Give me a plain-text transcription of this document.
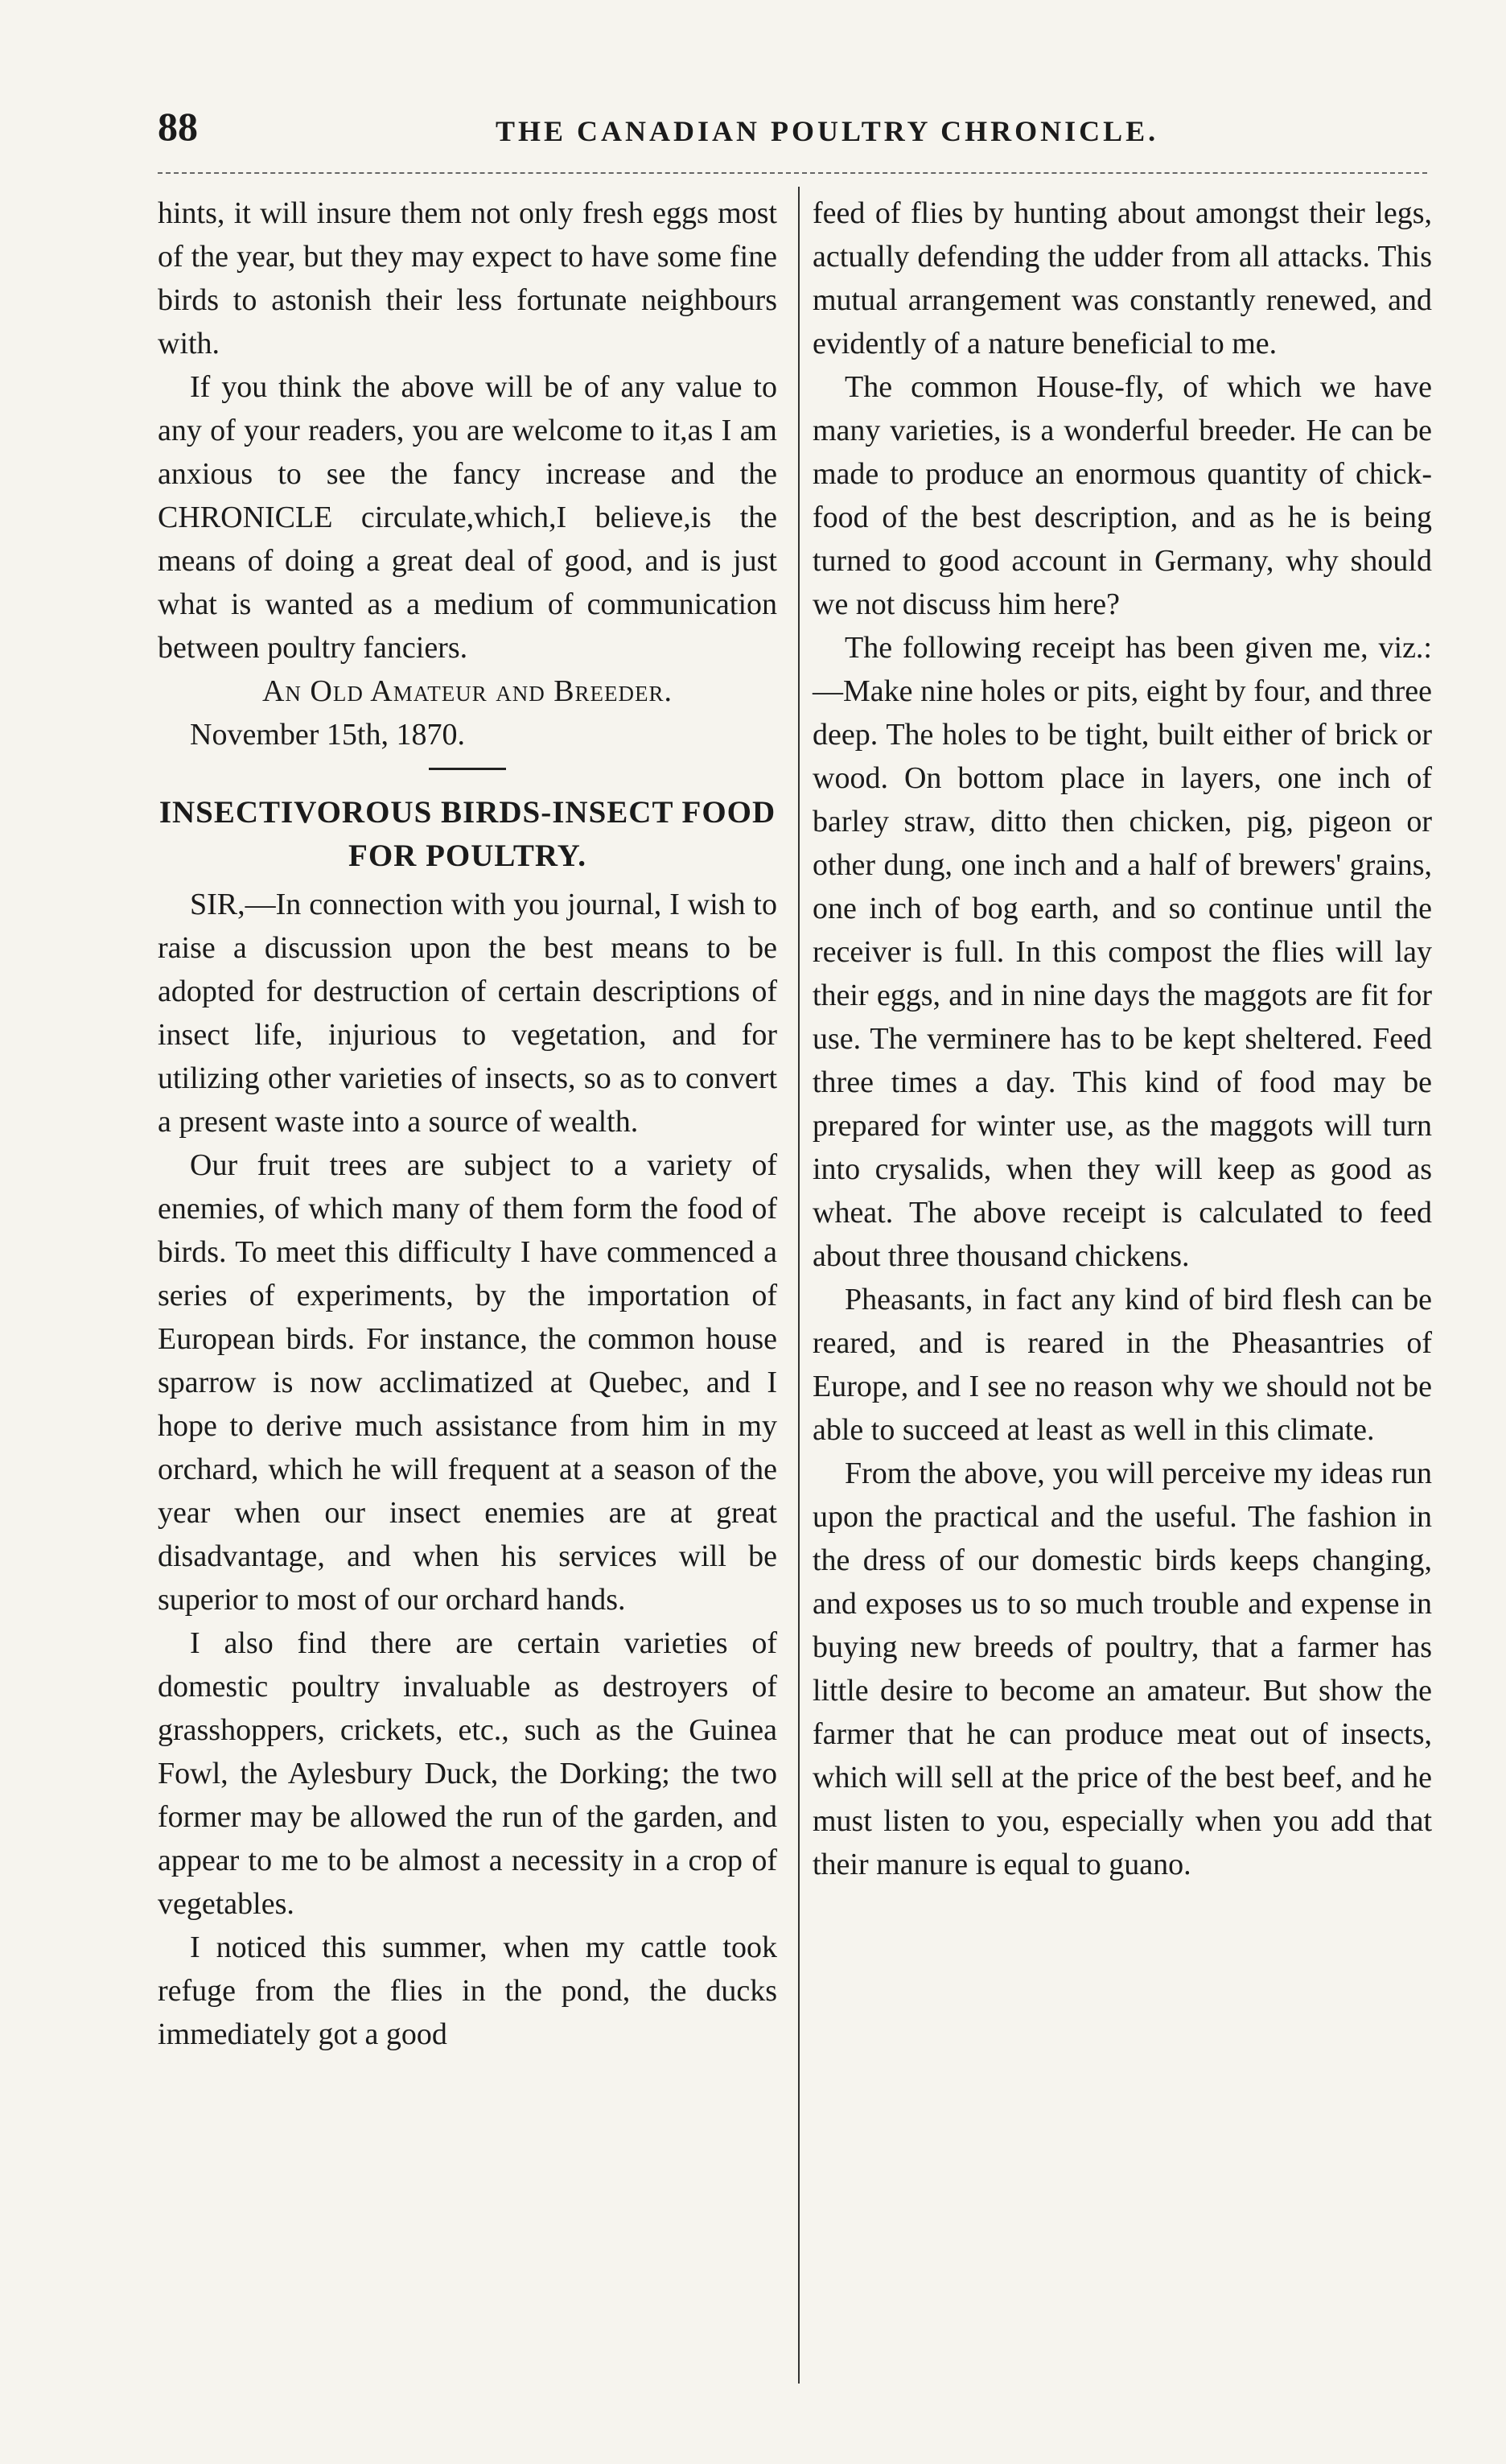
88	THE CANADIAN POULTRY CHRONICLE.

hints, it will insure them not only fresh eggs most of the year, but they may expect to have some fine birds to astonish their less fortunate neighbours with.

If you think the above will be of any value to any of your readers, you are welcome to it,as I am anxious to see the fancy increase and the CHRONICLE circulate,which,I believe,is the means of doing a great deal of good, and is just what is wanted as a medium of communication between poultry fanciers.

An Old Amateur and Breeder.

November 15th, 1870.

INSECTIVOROUS BIRDS-INSECT FOOD FOR POULTRY.

SIR,—In connection with you journal, I wish to raise a discussion upon the best means to be adopted for destruction of certain descriptions of insect life, injurious to vegetation, and for utilizing other varieties of insects, so as to convert a present waste into a source of wealth.

Our fruit trees are subject to a variety of enemies, of which many of them form the food of birds. To meet this difficulty I have commenced a series of experiments, by the importation of European birds. For instance, the common house sparrow is now acclimatized at Quebec, and I hope to derive much assistance from him in my orchard, which he will frequent at a season of the year when our insect enemies are at great disadvantage, and when his services will be superior to most of our orchard hands.

I also find there are certain varieties of domestic poultry invaluable as destroyers of grasshoppers, crickets, etc., such as the Guinea Fowl, the Aylesbury Duck, the Dorking; the two former may be allowed the run of the garden, and appear to me to be almost a necessity in a crop of vegetables.

I noticed this summer, when my cattle took refuge from the flies in the pond, the ducks immediately got a good

feed of flies by hunting about amongst their legs, actually defending the udder from all attacks. This mutual arrangement was constantly renewed, and evidently of a nature beneficial to me.

The common House-fly, of which we have many varieties, is a wonderful breeder. He can be made to produce an enormous quantity of chick-food of the best description, and as he is being turned to good account in Germany, why should we not discuss him here?

The following receipt has been given me, viz.:—Make nine holes or pits, eight by four, and three deep. The holes to be tight, built either of brick or wood. On bottom place in layers, one inch of barley straw, ditto then chicken, pig, pigeon or other dung, one inch and a half of brewers' grains, one inch of bog earth, and so continue until the receiver is full. In this compost the flies will lay their eggs, and in nine days the maggots are fit for use. The verminere has to be kept sheltered. Feed three times a day. This kind of food may be prepared for winter use, as the maggots will turn into crysalids, when they will keep as good as wheat. The above receipt is calculated to feed about three thousand chickens.

Pheasants, in fact any kind of bird flesh can be reared, and is reared in the Pheasantries of Europe, and I see no reason why we should not be able to succeed at least as well in this climate.

From the above, you will perceive my ideas run upon the practical and the useful. The fashion in the dress of our domestic birds keeps changing, and exposes us to so much trouble and expense in buying new breeds of poultry, that a farmer has little desire to become an amateur. But show the farmer that he can produce meat out of insects, which will sell at the price of the best beef, and he must listen to you, especially when you add that their manure is equal to guano.
